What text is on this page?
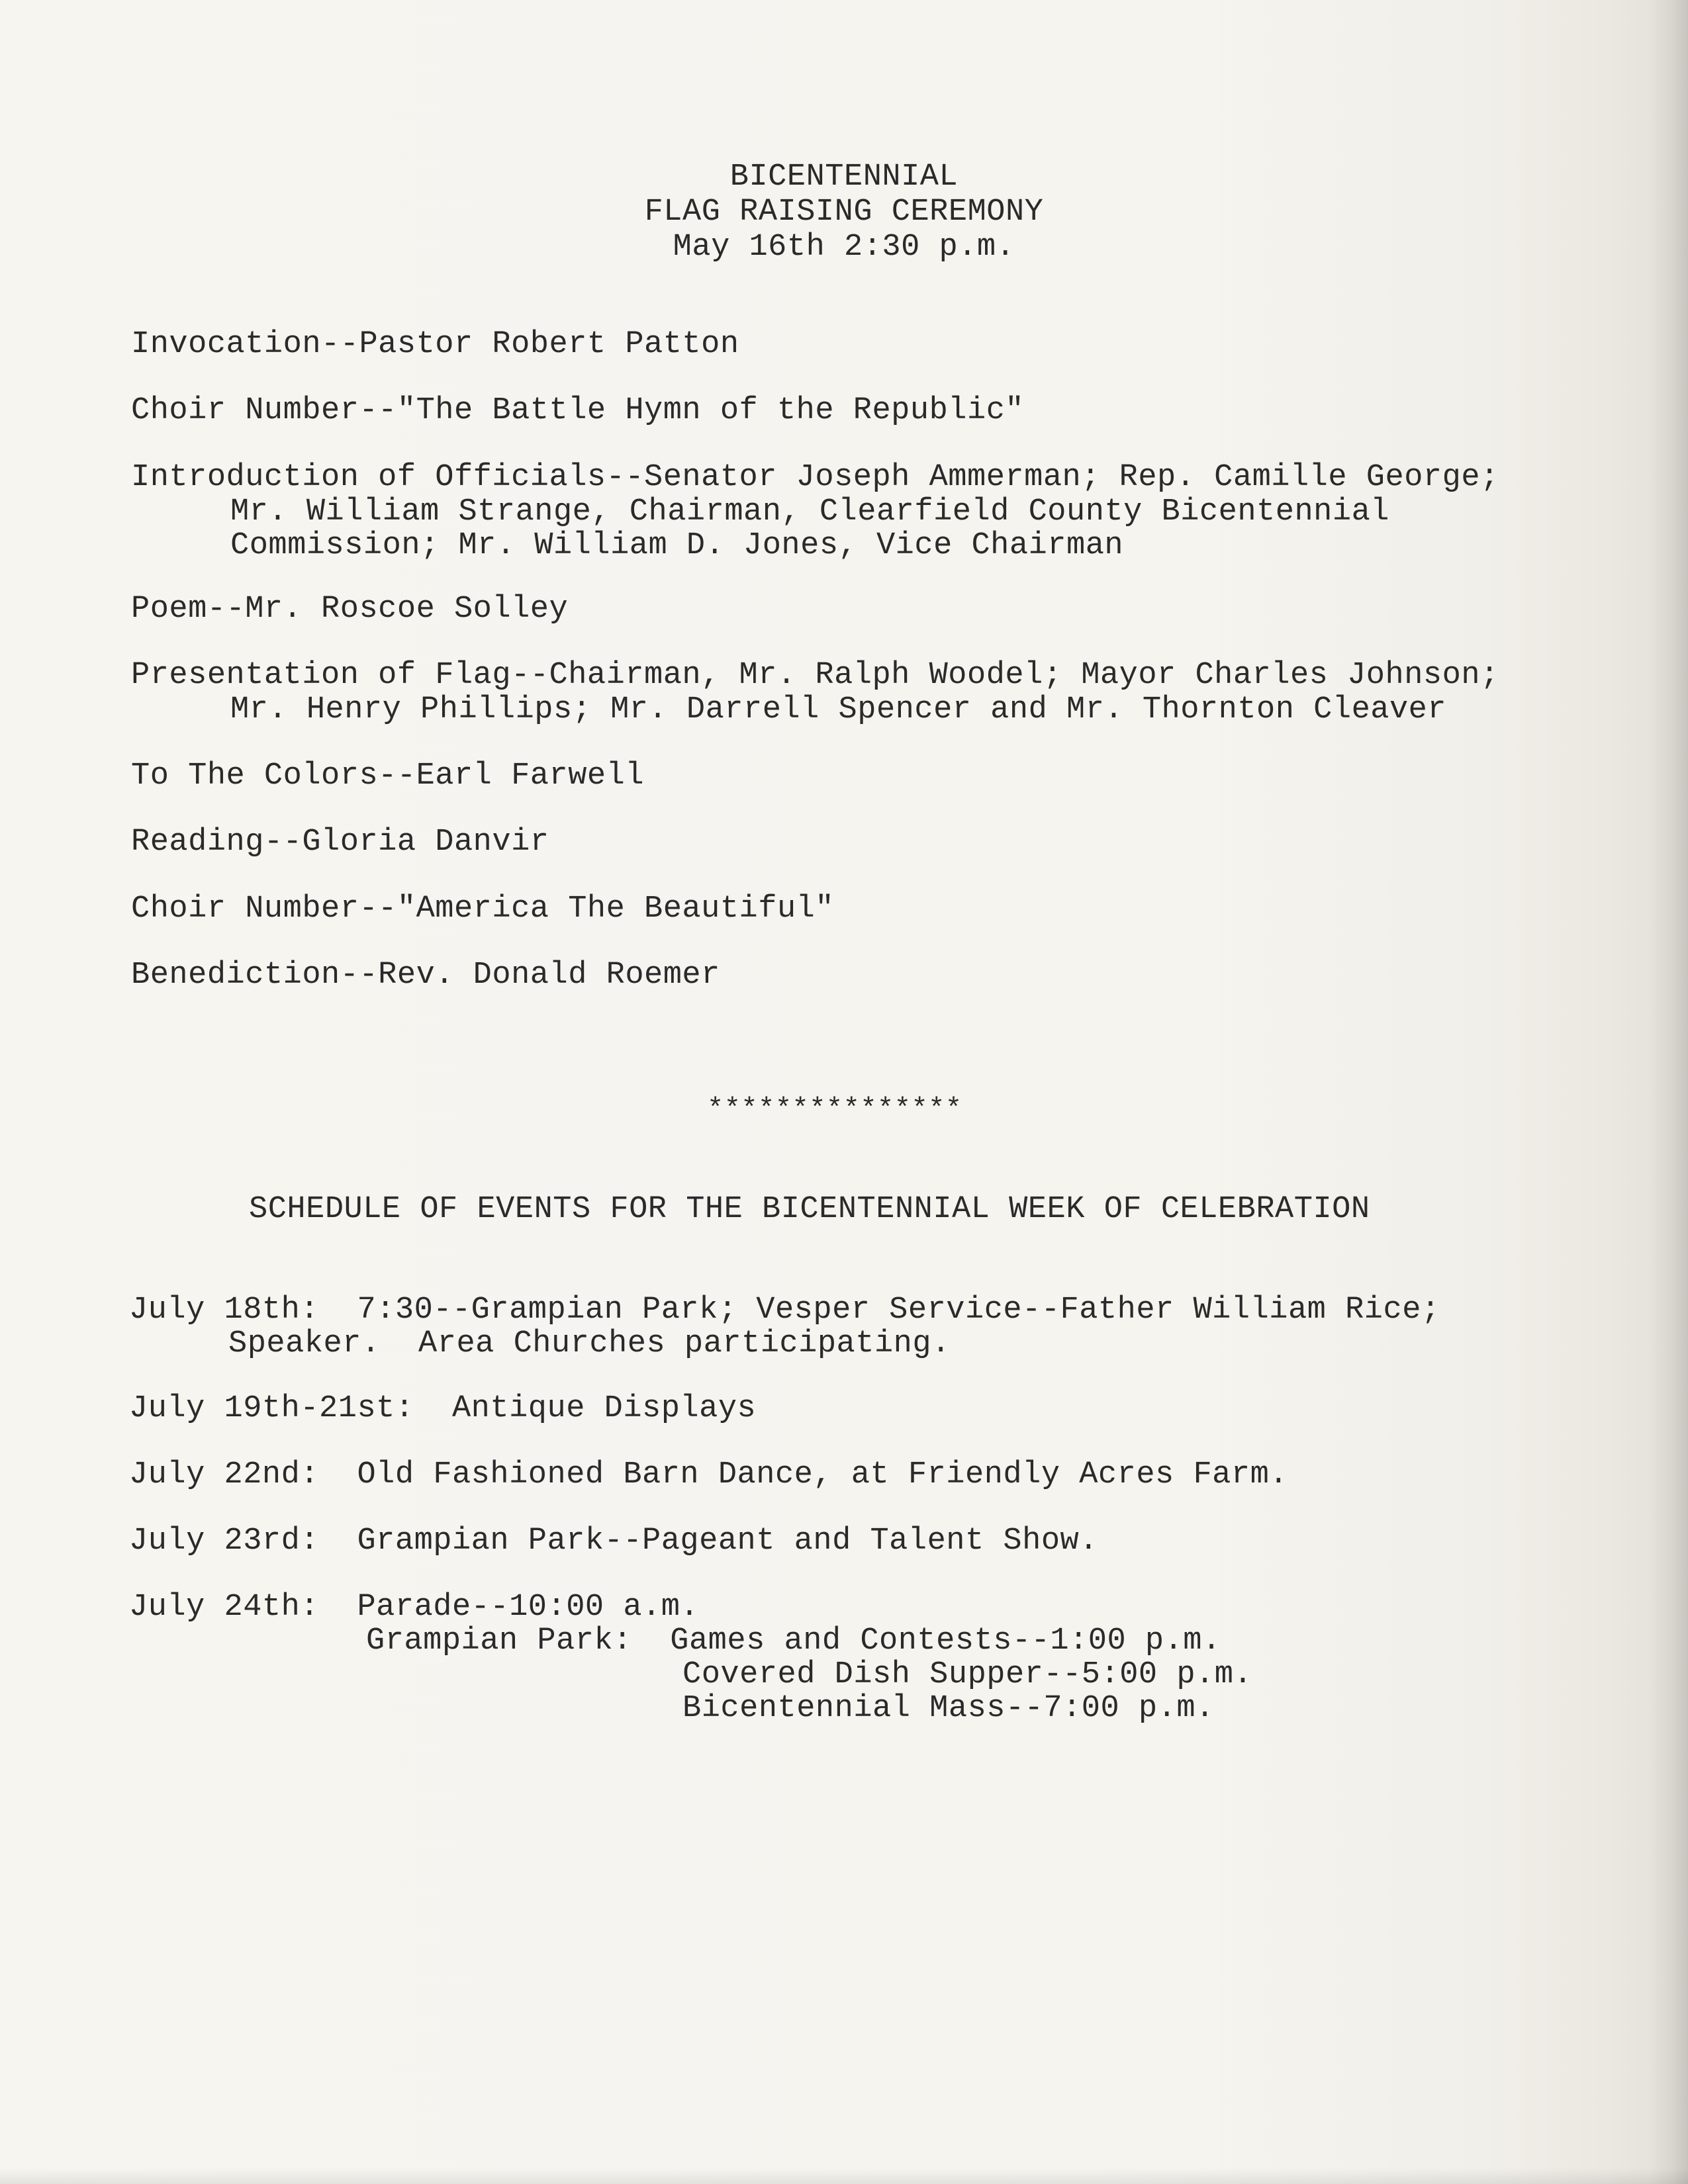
BICENTENNIAL

FLAG RAISING CEREMONY

May 16th 2:30 p.m.

Invocation--Pastor Robert Patton

Choir Number--"The Battle Hymn of the Republic"

Introduction of Officials--Senator Joseph Ammerman; Rep. Camille George;

Mr. William Strange, Chairman, Clearfield County Bicentennial

Commission; Mr. William D. Jones, Vice Chairman

Poem--Mr. Roscoe Solley

Presentation of Flag--Chairman, Mr. Ralph Woodel; Mayor Charles Johnson;

Mr. Henry Phillips; Mr. Darrell Spencer and Mr. Thornton Cleaver

To The Colors--Earl Farwell

Reading--Gloria Danvir

Choir Number--"America The Beautiful"

Benediction--Rev. Donald Roemer

***************

SCHEDULE OF EVENTS FOR THE BICENTENNIAL WEEK OF CELEBRATION

July 18th:  7:30--Grampian Park; Vesper Service--Father William Rice;

Speaker.  Area Churches participating.

July 19th-21st:  Antique Displays

July 22nd:  Old Fashioned Barn Dance, at Friendly Acres Farm.

July 23rd:  Grampian Park--Pageant and Talent Show.

July 24th:  Parade--10:00 a.m.

Grampian Park:  Games and Contests--1:00 p.m.

Covered Dish Supper--5:00 p.m.

Bicentennial Mass--7:00 p.m.
